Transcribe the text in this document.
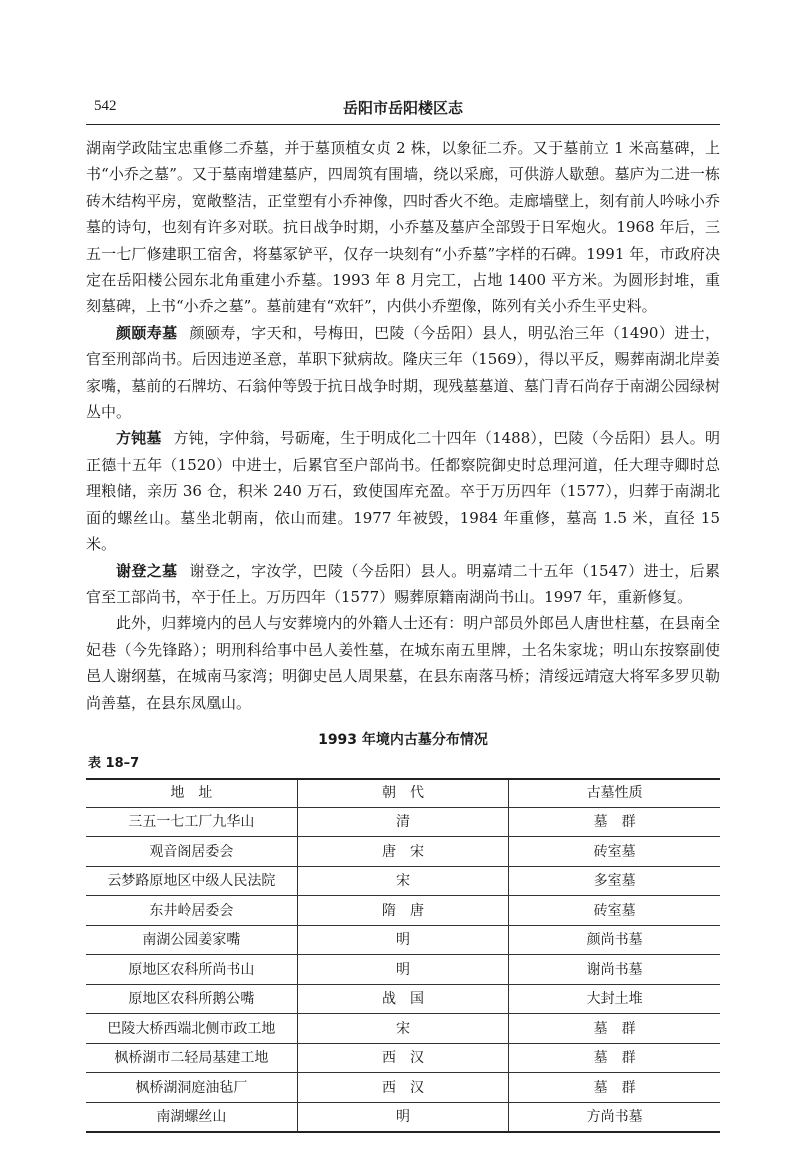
542	岳阳市岳阳楼区志

湖南学政陆宝忠重修二乔墓，并于墓顶植女贞 2 株，以象征二乔。又于墓前立 1 米高墓碑，上书“小乔之墓”。又于墓南增建墓庐，四周筑有围墙，绕以采廊，可供游人歇憩。墓庐为二进一栋砖木结构平房，宽敞整洁，正堂塑有小乔神像，四时香火不绝。走廊墙壁上，刻有前人吟咏小乔墓的诗句，也刻有许多对联。抗日战争时期，小乔墓及墓庐全部毁于日军炮火。1968 年后，三五一七厂修建职工宿舍，将墓冢铲平，仅存一块刻有“小乔墓”字样的石碑。1991 年，市政府决定在岳阳楼公园东北角重建小乔墓。1993 年 8 月完工，占地 1400 平方米。为圆形封堆，重刻墓碑，上书“小乔之墓”。墓前建有“欢轩”，内供小乔塑像，陈列有关小乔生平史料。

颜颐寿墓 颜颐寿，字天和，号梅田，巴陵（今岳阳）县人，明弘治三年（1490）进士，官至刑部尚书。后因违逆圣意，革职下狱病故。隆庆三年（1569），得以平反，赐葬南湖北岸姜家嘴，墓前的石牌坊、石翁仲等毁于抗日战争时期，现残墓墓道、墓门青石尚存于南湖公园绿树丛中。

方钝墓 方钝，字仲翁，号砺庵，生于明成化二十四年（1488），巴陵（今岳阳）县人。明正德十五年（1520）中进士，后累官至户部尚书。任都察院御史时总理河道，任大理寺卿时总理粮储，亲历 36 仓，积米 240 万石，致使国库充盈。卒于万历四年（1577），归葬于南湖北面的螺丝山。墓坐北朝南，依山而建。1977 年被毁，1984 年重修，墓高 1.5 米，直径 15 米。

谢登之墓 谢登之，字汝学，巴陵（今岳阳）县人。明嘉靖二十五年（1547）进士，后累官至工部尚书，卒于任上。万历四年（1577）赐葬原籍南湖尚书山。1997 年，重新修复。

此外，归葬境内的邑人与安葬境内的外籍人士还有：明户部员外郎邑人唐世柱墓，在县南全妃巷（今先锋路）；明刑科给事中邑人姜性墓，在城东南五里牌，土名朱家垅；明山东按察副使邑人谢纲墓，在城南马家湾；明御史邑人周果墓，在县东南落马桥；清绥远靖寇大将军多罗贝勒尚善墓，在县东凤凰山。

1993 年境内古墓分布情况
表 18–7
地　址	朝　代	古墓性质
三五一七工厂九华山	清	墓　群
观音阁居委会	唐　宋	砖室墓
云梦路原地区中级人民法院	宋	多室墓
东井岭居委会	隋　唐	砖室墓
南湖公园姜家嘴	明	颜尚书墓
原地区农科所尚书山	明	谢尚书墓
原地区农科所鹅公嘴	战　国	大封土堆
巴陵大桥西端北侧市政工地	宋	墓　群
枫桥湖市二轻局基建工地	西　汉	墓　群
枫桥湖洞庭油毡厂	西　汉	墓　群
南湖螺丝山	明	方尚书墓
